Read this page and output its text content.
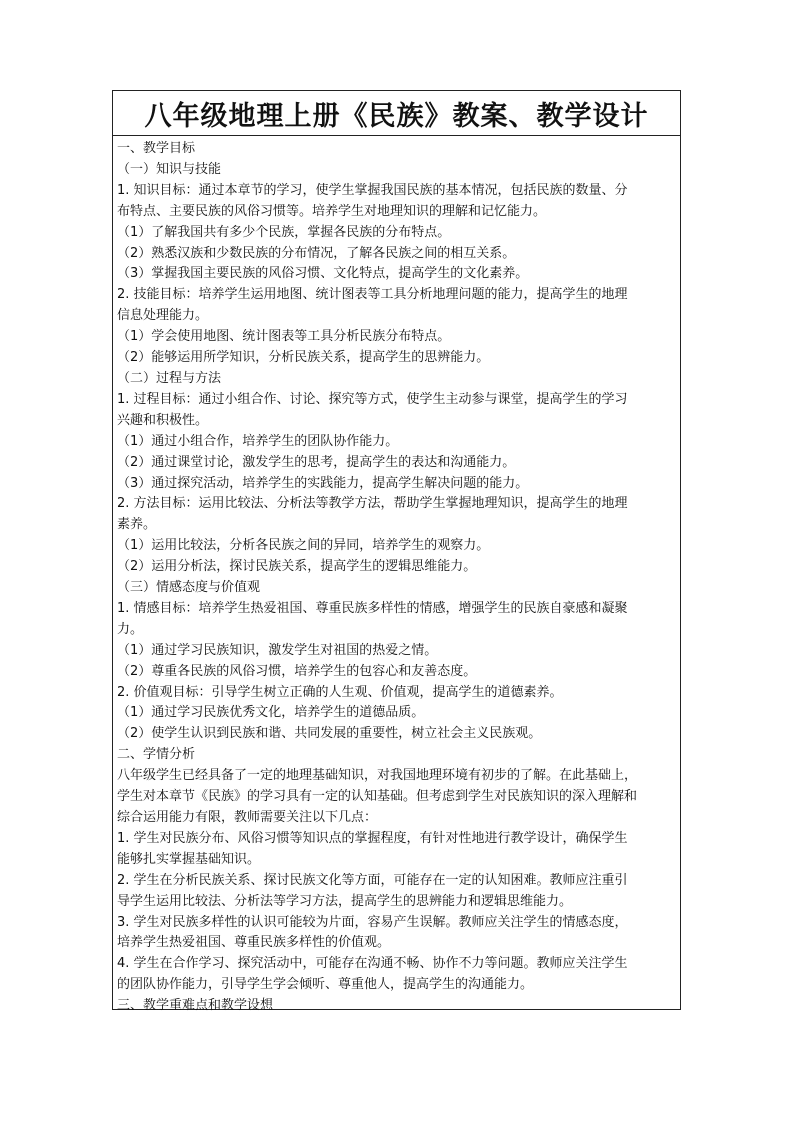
八年级地理上册《民族》教案、教学设计
一、教学目标
（一）知识与技能
1. 知识目标：通过本章节的学习，使学生掌握我国民族的基本情况，包括民族的数量、分
布特点、主要民族的风俗习惯等。培养学生对地理知识的理解和记忆能力。
（1）了解我国共有多少个民族，掌握各民族的分布特点。
（2）熟悉汉族和少数民族的分布情况，了解各民族之间的相互关系。
（3）掌握我国主要民族的风俗习惯、文化特点，提高学生的文化素养。
2. 技能目标：培养学生运用地图、统计图表等工具分析地理问题的能力，提高学生的地理
信息处理能力。
（1）学会使用地图、统计图表等工具分析民族分布特点。
（2）能够运用所学知识，分析民族关系，提高学生的思辨能力。
（二）过程与方法
1. 过程目标：通过小组合作、讨论、探究等方式，使学生主动参与课堂，提高学生的学习
兴趣和积极性。
（1）通过小组合作，培养学生的团队协作能力。
（2）通过课堂讨论，激发学生的思考，提高学生的表达和沟通能力。
（3）通过探究活动，培养学生的实践能力，提高学生解决问题的能力。
2. 方法目标：运用比较法、分析法等教学方法，帮助学生掌握地理知识，提高学生的地理
素养。
（1）运用比较法，分析各民族之间的异同，培养学生的观察力。
（2）运用分析法，探讨民族关系，提高学生的逻辑思维能力。
（三）情感态度与价值观
1. 情感目标：培养学生热爱祖国、尊重民族多样性的情感，增强学生的民族自豪感和凝聚
力。
（1）通过学习民族知识，激发学生对祖国的热爱之情。
（2）尊重各民族的风俗习惯，培养学生的包容心和友善态度。
2. 价值观目标：引导学生树立正确的人生观、价值观，提高学生的道德素养。
（1）通过学习民族优秀文化，培养学生的道德品质。
（2）使学生认识到民族和谐、共同发展的重要性，树立社会主义民族观。
二、学情分析
八年级学生已经具备了一定的地理基础知识，对我国地理环境有初步的了解。在此基础上，
学生对本章节《民族》的学习具有一定的认知基础。但考虑到学生对民族知识的深入理解和
综合运用能力有限，教师需要关注以下几点：
1. 学生对民族分布、风俗习惯等知识点的掌握程度，有针对性地进行教学设计，确保学生
能够扎实掌握基础知识。
2. 学生在分析民族关系、探讨民族文化等方面，可能存在一定的认知困难。教师应注重引
导学生运用比较法、分析法等学习方法，提高学生的思辨能力和逻辑思维能力。
3. 学生对民族多样性的认识可能较为片面，容易产生误解。教师应关注学生的情感态度，
培养学生热爱祖国、尊重民族多样性的价值观。
4. 学生在合作学习、探究活动中，可能存在沟通不畅、协作不力等问题。教师应关注学生
的团队协作能力，引导学生学会倾听、尊重他人，提高学生的沟通能力。
三、教学重难点和教学设想
